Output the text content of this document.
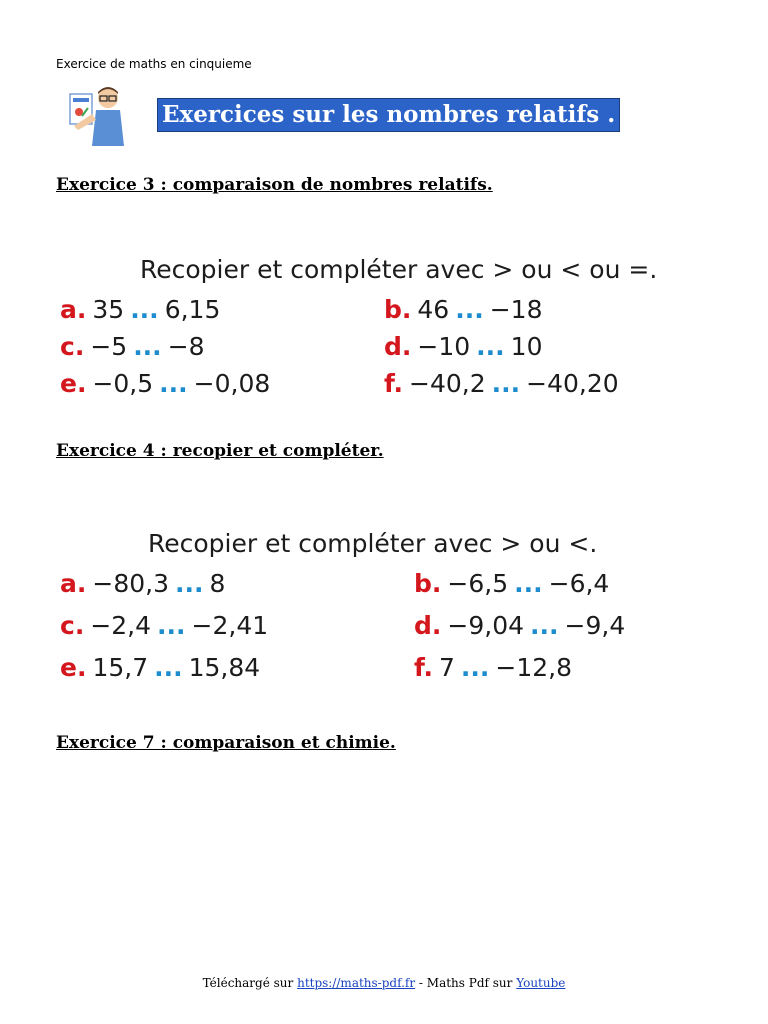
Exercice de maths en cinquieme
Exercices sur les nombres relatifs .
Exercice 3 : comparaison de nombres relatifs.
Recopier et compléter avec > ou < ou =.
a. 35 ... 6,15	b. 46 ... −18
c. −5 ... −8	d. −10 ... 10
e. −0,5 ... −0,08	f. −40,2 ... −40,20
Exercice 4 : recopier et compléter.
Recopier et compléter avec > ou <.
a. −80,3 ... 8	b. −6,5 ... −6,4
c. −2,4 ... −2,41	d. −9,04 ... −9,4
e. 15,7 ... 15,84	f. 7 ... −12,8
Exercice 7 : comparaison et chimie.
Téléchargé sur https://maths-pdf.fr - Maths Pdf sur Youtube
